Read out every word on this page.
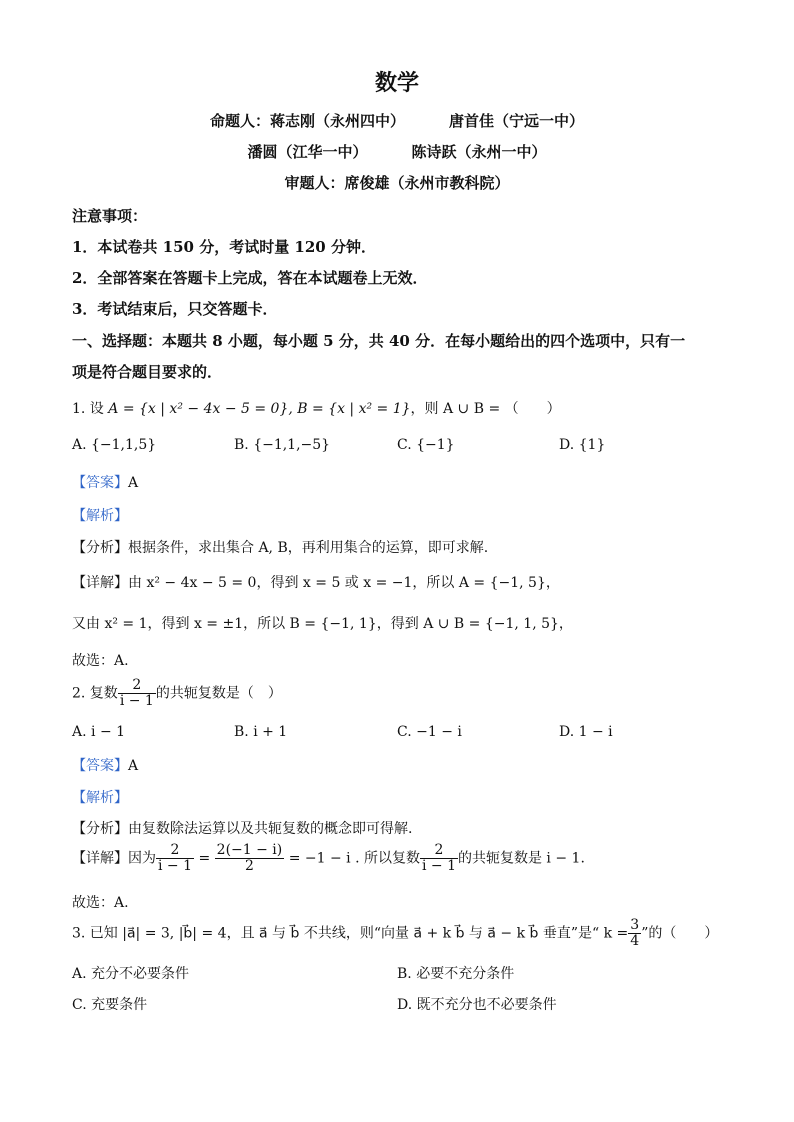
数学
命题人：蒋志刚（永州四中）	唐首佳（宁远一中）
潘圆（江华一中）	陈诗跃（永州一中）
审题人：席俊雄（永州市教科院）
注意事项：
1．本试卷共 150 分，考试时量 120 分钟．
2．全部答案在答题卡上完成，答在本试题卷上无效．
3．考试结束后，只交答题卡．
一、选择题：本题共 8 小题，每小题 5 分，共 40 分．在每小题给出的四个选项中，只有一
项是符合题目要求的．
1. 设 A = {x | x² − 4x − 5 = 0}, B = {x | x² = 1}，则 A ∪ B = （　　）
A. {−1,1,5}	B. {−1,1,−5}	C. {−1}	D. {1}
【答案】A
【解析】
【分析】根据条件，求出集合 A, B，再利用集合的运算，即可求解.
【详解】由 x² − 4x − 5 = 0，得到 x = 5 或 x = −1，所以 A = {−1, 5}，
又由 x² = 1，得到 x = ±1，所以 B = {−1, 1}，得到 A ∪ B = {−1, 1, 5}，
故选：A.
2. 复数 $\frac{2}{i - 1}$ 的共轭复数是（　）
A. i − 1	B. i + 1	C. −1 − i	D. 1 − i
【答案】A
【解析】
【分析】由复数除法运算以及共轭复数的概念即可得解.
【详解】因为 $\frac{2}{i - 1} = \frac{2(-1 - i)}{2} = -1 - i$ . 所以复数 $\frac{2}{i - 1}$ 的共轭复数是 i − 1.
故选：A.
3. 已知 |a⃗| = 3, |b⃗| = 4，且 a⃗ 与 b⃗ 不共线，则“向量 a⃗ + k b⃗ 与 a⃗ − k b⃗ 垂直”是“ $k = \frac{3}{4}$ ”的（　　）
A. 充分不必要条件	B. 必要不充分条件
C. 充要条件	D. 既不充分也不必要条件
